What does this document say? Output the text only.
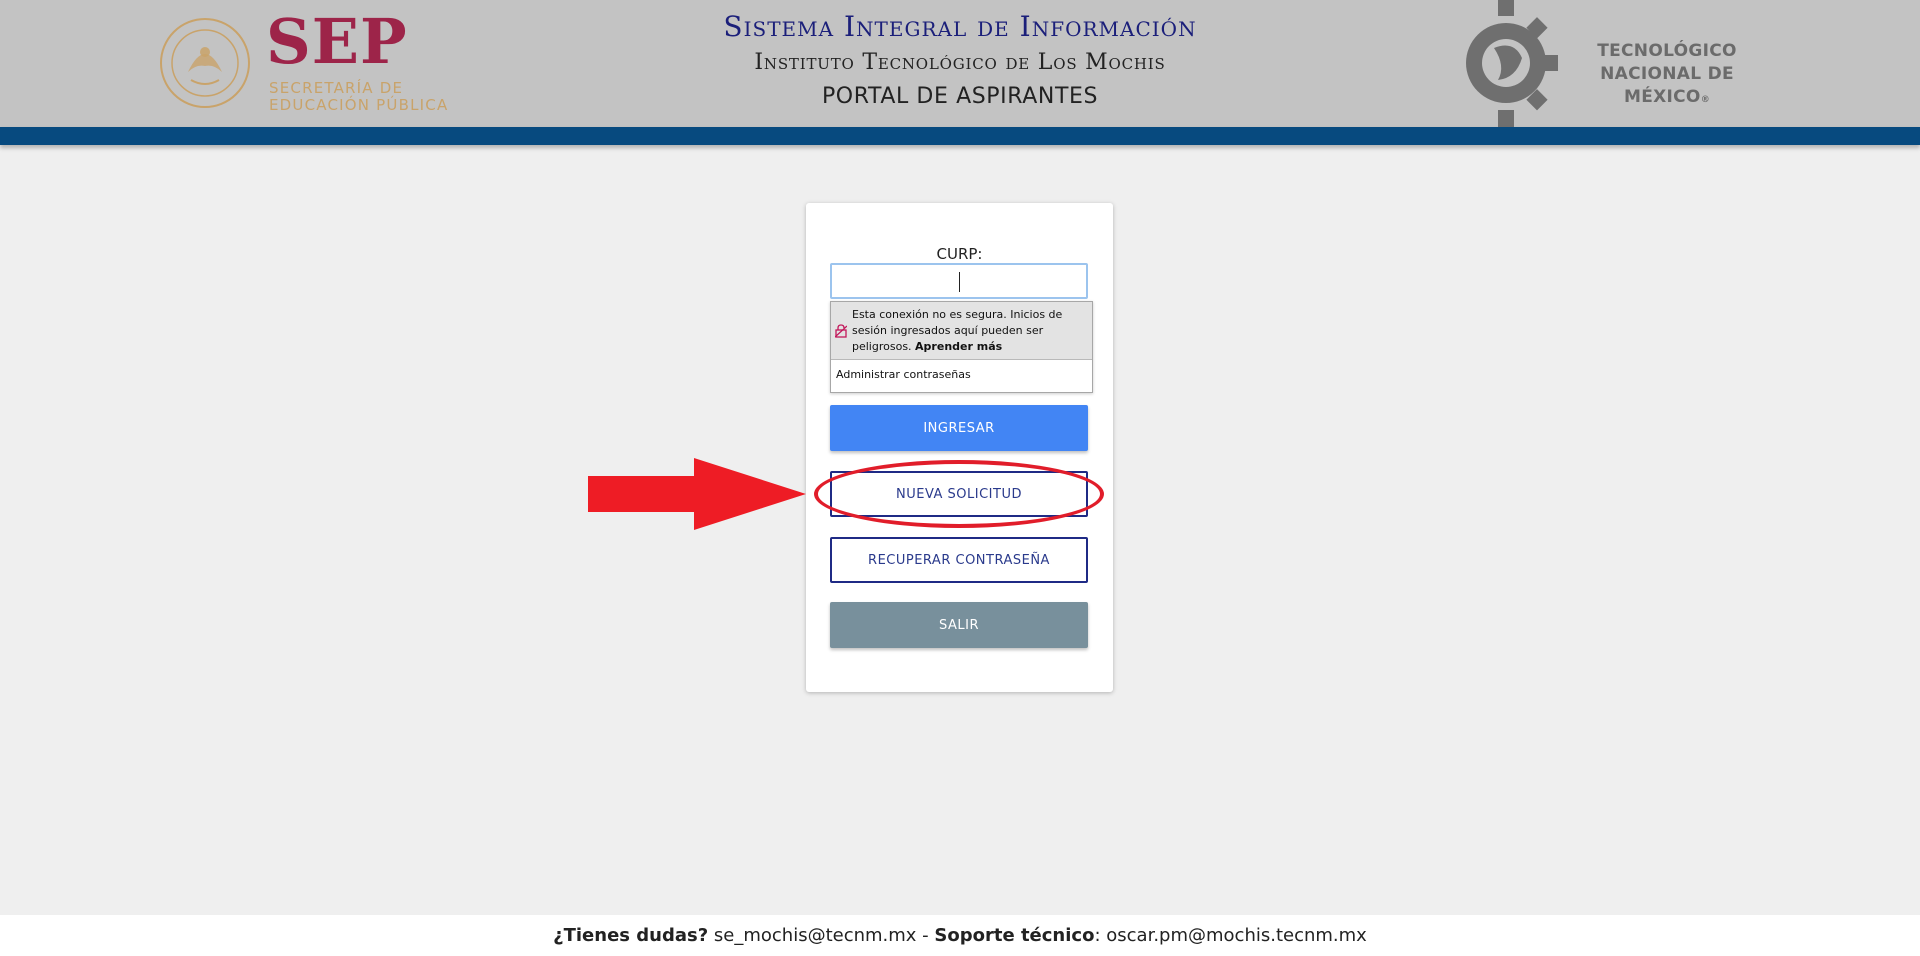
SEP
SECRETARÍA DE
EDUCACIÓN PÚBLICA

Sistema Integral de Información

Instituto Tecnológico de Los Mochis

PORTAL DE ASPIRANTES

TECNOLÓGICO
NACIONAL DE MÉXICO®
CURP:
Esta conexión no es segura. Inicios de sesión ingresados aquí pueden ser peligrosos. Aprender más
Administrar contraseñas
INGRESAR
NUEVA SOLICITUD
RECUPERAR CONTRASEÑA
SALIR
¿Tienes dudas?
se_mochis@tecnm.mx - Soporte técnico : oscar.pm@mochis.tecnm.mx
